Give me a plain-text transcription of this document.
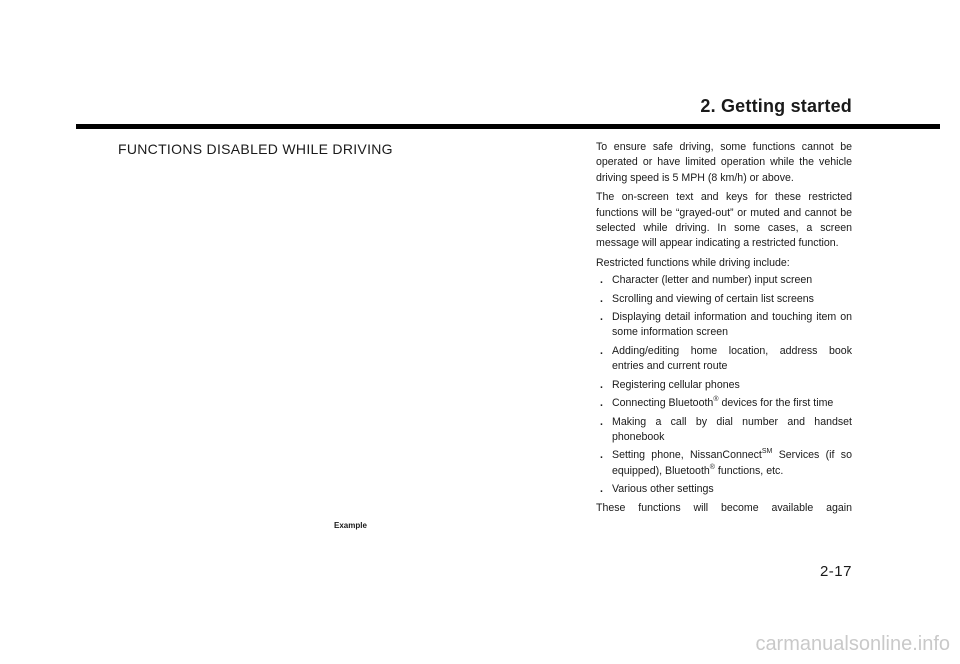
2. Getting started
FUNCTIONS DISABLED WHILE DRIVING
Example

To ensure safe driving, some functions cannot be operated or have limited operation while the vehicle driving speed is 5 MPH (8 km/h) or above.

The on-screen text and keys for these restricted functions will be “grayed-out” or muted and cannot be selected while driving. In some cases, a screen message will appear indicating a restricted function.

Restricted functions while driving include:

. Character (letter and number) input screen
. Scrolling and viewing of certain list screens
. Displaying detail information and touching item on some information screen
. Adding/editing home location, address book entries and current route
. Registering cellular phones
. Connecting Bluetooth® devices for the first time
. Making a call by dial number and handset phonebook
. Setting phone, NissanConnect℠ Services (if so equipped), Bluetooth® functions, etc.
. Various other settings

These functions will become available again

2-17
carmanualsonline.info
